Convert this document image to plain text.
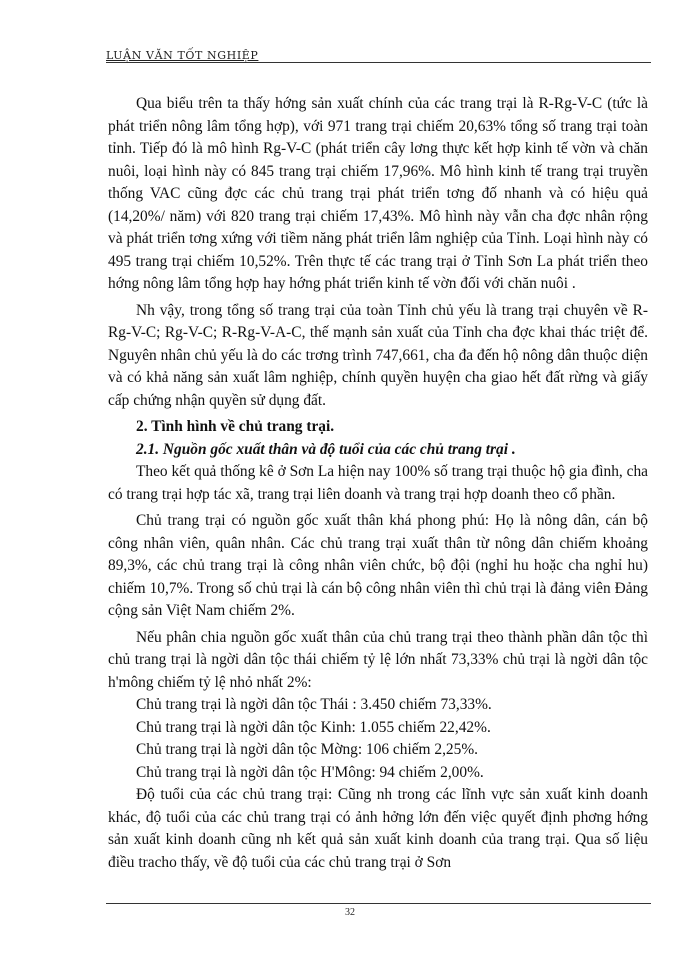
LUẬN VĂN TỐT NGHIỆP

Qua biểu trên ta thấy hớng sản xuất chính của các trang trại là R-Rg-V-C (tức là phát triển nông lâm tổng hợp), với 971 trang trại chiếm 20,63% tổng số trang trại toàn tỉnh. Tiếp đó là mô hình Rg-V-C (phát triển cây lơng thực kết hợp kinh tế vờn và chăn nuôi, loại hình này có 845 trang trại chiếm 17,96%. Mô hình kinh tế trang trại truyền thống VAC cũng đợc các chủ trang trại phát triển tơng đố nhanh và có hiệu quả (14,20%/ năm) với 820 trang trại chiếm 17,43%. Mô hình này vẫn cha đợc nhân rộng và phát triển tơng xứng với tiềm năng phát triển lâm nghiệp của Tỉnh. Loại hình này có 495 trang trại chiếm 10,52%. Trên thực tế các trang trại ở Tỉnh Sơn La phát triển theo hớng nông lâm tổng hợp hay hớng phát triển kinh tế vờn đối với chăn nuôi .

Nh vậy, trong tổng số trang trại của toàn Tỉnh chủ yếu là trang trại chuyên về R-Rg-V-C; Rg-V-C; R-Rg-V-A-C, thế mạnh sản xuất của Tỉnh cha đợc khai thác triệt để. Nguyên nhân chủ yếu là do các trơng trình 747,661, cha đa đến hộ nông dân thuộc diện và có khả năng sản xuất lâm nghiệp, chính quyền huyện cha giao hết đất rừng và giấy cấp chứng nhận quyền sử dụng đất.

2. Tình hình về chủ trang trại.

2.1. Nguồn gốc xuất thân và độ tuổi của các chủ trang trại .

Theo kết quả thống kê ở Sơn La hiện nay 100% số trang trại thuộc hộ gia đình, cha có trang trại hợp tác xã, trang trại liên doanh và trang trại hợp doanh theo cổ phần.

Chủ trang trại có nguồn gốc xuất thân khá phong phú: Họ là nông dân, cán bộ công nhân viên, quân nhân. Các chủ trang trại xuất thân từ nông dân chiếm khoảng 89,3%, các chủ trang trại là công nhân viên chức, bộ đội (nghỉ hu hoặc cha nghỉ hu) chiếm 10,7%. Trong số chủ trại là cán bộ công nhân viên thì chủ trại là đảng viên Đảng cộng sản Việt Nam chiếm 2%.

Nếu phân chia nguồn gốc xuất thân của chủ trang trại theo thành phần dân tộc thì chủ trang trại là ngời dân tộc thái chiếm tỷ lệ lớn nhất 73,33% chủ trại là ngời dân tộc h'mông chiếm tỷ lệ nhỏ nhất 2%:

Chủ trang trại là ngời dân tộc Thái : 3.450 chiếm 73,33%.

Chủ trang trại là ngời dân tộc Kinh: 1.055 chiếm 22,42%.

Chủ trang trại là ngời dân tộc Mờng: 106 chiếm 2,25%.

Chủ trang trại là ngời dân tộc H'Mông: 94 chiếm 2,00%.

Độ tuổi của các chủ trang trại: Cũng nh trong các lĩnh vực sản xuất kinh doanh khác, độ tuổi của các chủ trang trại có ảnh hởng lớn đến việc quyết định phơng hớng sản xuất kinh doanh cũng nh kết quả sản xuất kinh doanh của trang trại. Qua số liệu điều tracho thấy, về độ tuổi của các chủ trang trại ở Sơn

32
